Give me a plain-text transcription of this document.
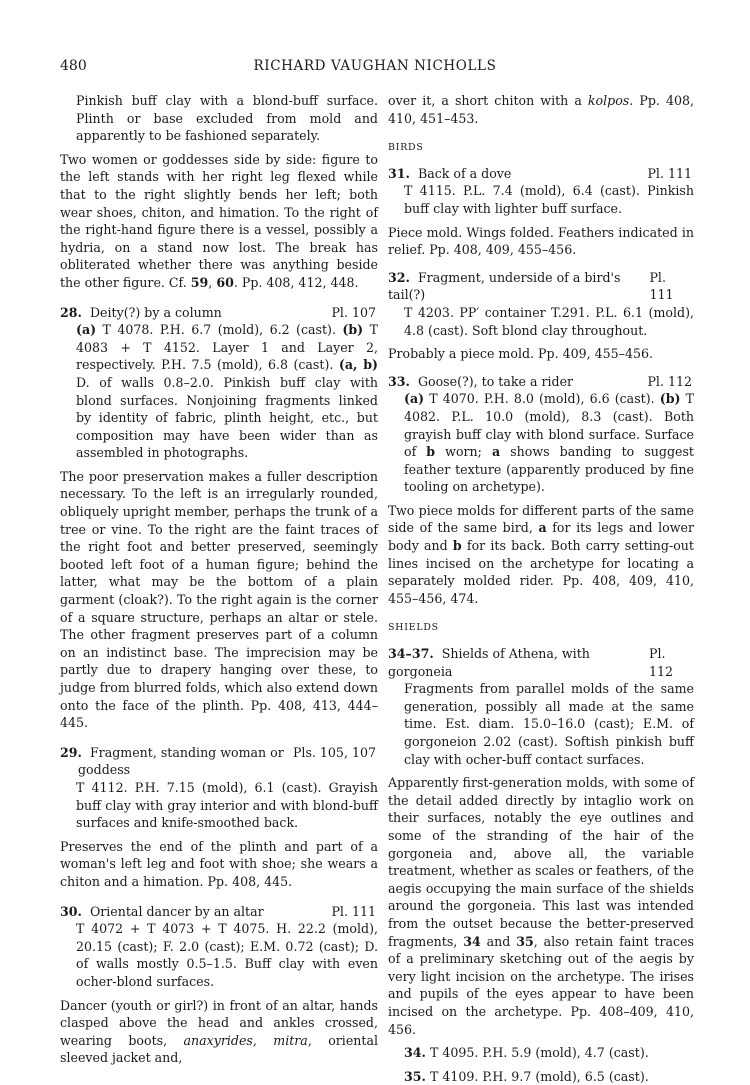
480	RICHARD VAUGHAN NICHOLLS

Pinkish buff clay with a blond-buff surface. Plinth or base excluded from mold and apparently to be fashioned separately.

Two women or goddesses side by side: figure to the left stands with her right leg flexed while that to the right slightly bends her left; both wear shoes, chiton, and himation. To the right of the right-hand figure there is a vessel, possibly a hydria, on a stand now lost. The break has obliterated whether there was anything beside the other figure. Cf. 59, 60. Pp. 408, 412, 448.

28. Deity(?) by a column	Pl. 107

(a) T 4078. P.H. 6.7 (mold), 6.2 (cast). (b) T 4083 + T 4152. Layer 1 and Layer 2, respectively. P.H. 7.5 (mold), 6.8 (cast). (a, b) D. of walls 0.8–2.0. Pinkish buff clay with blond surfaces. Nonjoining fragments linked by identity of fabric, plinth height, etc., but composition may have been wider than as assembled in photographs.

The poor preservation makes a fuller description necessary. To the left is an irregularly rounded, obliquely upright member, perhaps the trunk of a tree or vine. To the right are the faint traces of the right foot and better preserved, seemingly booted left foot of a human figure; behind the latter, what may be the bottom of a plain garment (cloak?). To the right again is the corner of a square structure, perhaps an altar or stele. The other fragment preserves part of a column on an indistinct base. The imprecision may be partly due to drapery hanging over these, to judge from blurred folds, which also extend down onto the face of the plinth. Pp. 408, 413, 444–445.

29. Fragment, standing woman or goddess
Pls. 105, 107

T 4112. P.H. 7.15 (mold), 6.1 (cast). Grayish buff clay with gray interior and with blond-buff surfaces and knife-smoothed back.

Preserves the end of the plinth and part of a woman's left leg and foot with shoe; she wears a chiton and a himation. Pp. 408, 445.

30. Oriental dancer by an altar	Pl. 111

T 4072 + T 4073 + T 4075. H. 22.2 (mold), 20.15 (cast); F. 2.0 (cast); E.M. 0.72 (cast); D. of walls mostly 0.5–1.5. Buff clay with even ocher-blond surfaces.

Dancer (youth or girl?) in front of an altar, hands clasped above the head and ankles crossed, wearing boots, anaxyrides, mitra, oriental sleeved jacket and,

over it, a short chiton with a kolpos. Pp. 408, 410, 451–453.

BIRDS

31. Back of a dove	Pl. 111

T 4115. P.L. 7.4 (mold), 6.4 (cast). Pinkish buff clay with lighter buff surface.

Piece mold. Wings folded. Feathers indicated in relief. Pp. 408, 409, 455–456.

32. Fragment, underside of a bird's tail(?)
Pl. 111

T 4203. PP′ container T.291. P.L. 6.1 (mold), 4.8 (cast). Soft blond clay throughout.

Probably a piece mold. Pp. 409, 455–456.

33. Goose(?), to take a rider	Pl. 112

(a) T 4070. P.H. 8.0 (mold), 6.6 (cast). (b) T 4082. P.L. 10.0 (mold), 8.3 (cast). Both grayish buff clay with blond surface. Surface of b worn; a shows banding to suggest feather texture (apparently produced by fine tooling on archetype).

Two piece molds for different parts of the same side of the same bird, a for its legs and lower body and b for its back. Both carry setting-out lines incised on the archetype for locating a separately molded rider. Pp. 408, 409, 410, 455–456, 474.

SHIELDS

34–37. Shields of Athena, with gorgoneia
Pl. 112

Fragments from parallel molds of the same generation, possibly all made at the same time. Est. diam. 15.0–16.0 (cast); E.M. of gorgoneion 2.02 (cast). Softish pinkish buff clay with ocher-buff contact surfaces.

Apparently first-generation molds, with some of the detail added directly by intaglio work on their surfaces, notably the eye outlines and some of the stranding of the hair of the gorgoneia and, above all, the variable treatment, whether as scales or feathers, of the aegis occupying the main surface of the shields around the gorgoneia. This last was intended from the outset because the better-preserved fragments, 34 and 35, also retain faint traces of a preliminary sketching out of the aegis by very light incision on the archetype. The irises and pupils of the eyes appear to have been incised on the archetype. Pp. 408–409, 410, 456.

34. T 4095. P.H. 5.9 (mold), 4.7 (cast).

35. T 4109. P.H. 9.7 (mold), 6.5 (cast).
